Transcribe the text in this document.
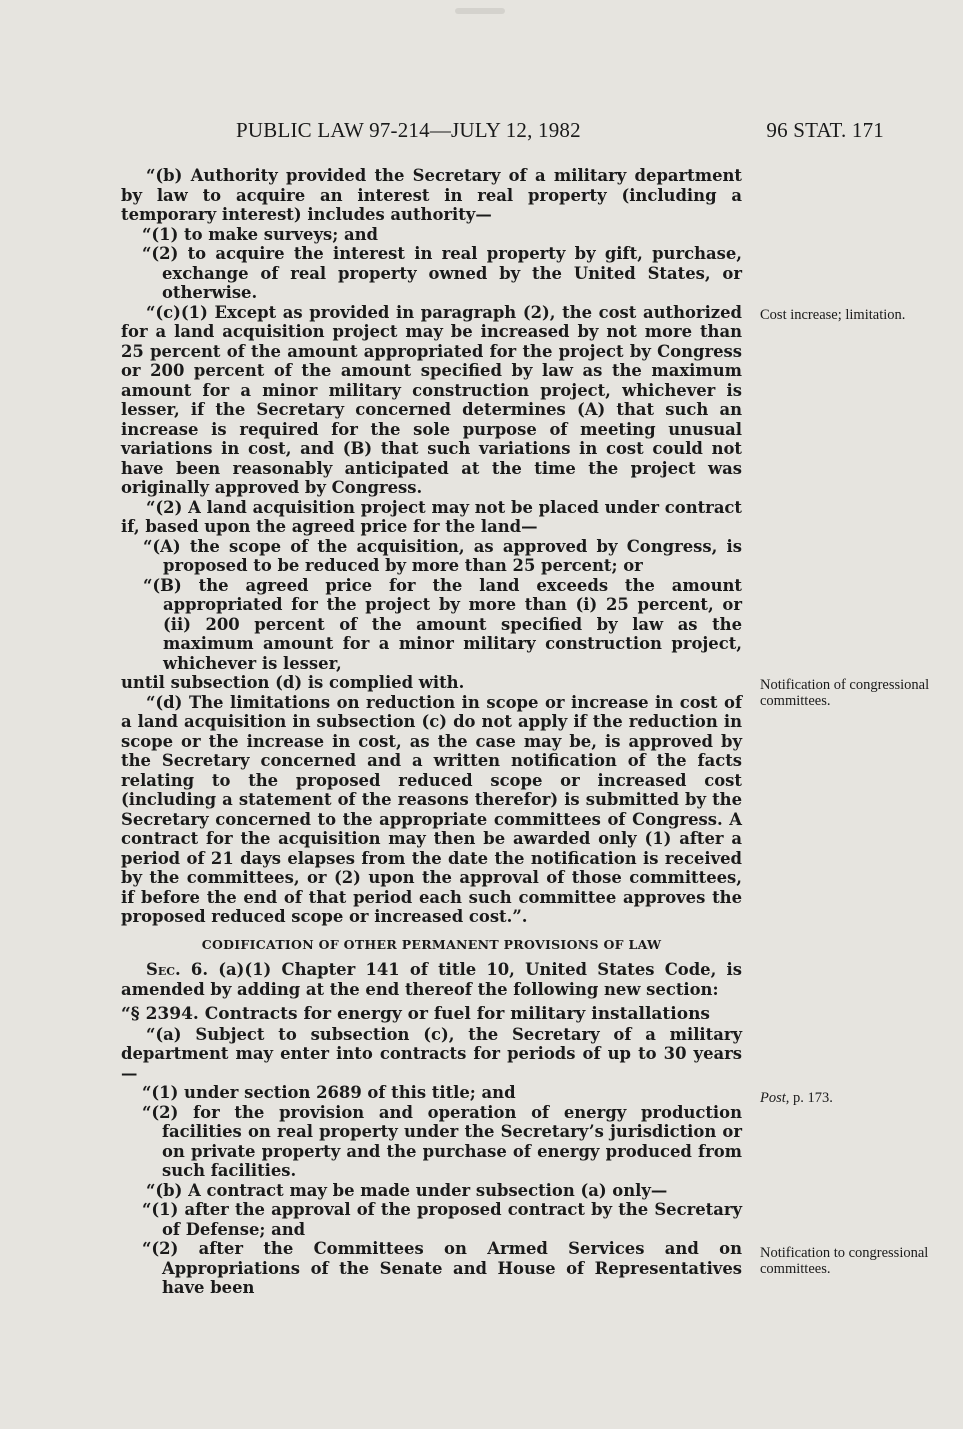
PUBLIC LAW 97-214—JULY 12, 1982	96 STAT. 171

“(b) Authority provided the Secretary of a military department by law to acquire an interest in real property (including a temporary interest) includes authority—

“(1) to make surveys; and

“(2) to acquire the interest in real property by gift, purchase, exchange of real property owned by the United States, or otherwise.

“(c)(1) Except as provided in paragraph (2), the cost authorized for a land acquisition project may be increased by not more than 25 percent of the amount appropriated for the project by Congress or 200 percent of the amount specified by law as the maximum amount for a minor military construction project, whichever is lesser, if the Secretary concerned determines (A) that such an increase is required for the sole purpose of meeting unusual variations in cost, and (B) that such variations in cost could not have been reasonably anticipated at the time the project was originally approved by Congress.

“(2) A land acquisition project may not be placed under contract if, based upon the agreed price for the land—

“(A) the scope of the acquisition, as approved by Congress, is proposed to be reduced by more than 25 percent; or

“(B) the agreed price for the land exceeds the amount appropriated for the project by more than (i) 25 percent, or (ii) 200 percent of the amount specified by law as the maximum amount for a minor military construction project, whichever is lesser,

until subsection (d) is complied with.

“(d) The limitations on reduction in scope or increase in cost of a land acquisition in subsection (c) do not apply if the reduction in scope or the increase in cost, as the case may be, is approved by the Secretary concerned and a written notification of the facts relating to the proposed reduced scope or increased cost (including a statement of the reasons therefor) is submitted by the Secretary concerned to the appropriate committees of Congress. A contract for the acquisition may then be awarded only (1) after a period of 21 days elapses from the date the notification is received by the committees, or (2) upon the approval of those committees, if before the end of that period each such committee approves the proposed reduced scope or increased cost.”.

CODIFICATION OF OTHER PERMANENT PROVISIONS OF LAW

Sec. 6. (a)(1) Chapter 141 of title 10, United States Code, is amended by adding at the end thereof the following new section:

“§ 2394. Contracts for energy or fuel for military installations

“(a) Subject to subsection (c), the Secretary of a military department may enter into contracts for periods of up to 30 years—

“(1) under section 2689 of this title; and

“(2) for the provision and operation of energy production facilities on real property under the Secretary’s jurisdiction or on private property and the purchase of energy produced from such facilities.

“(b) A contract may be made under subsection (a) only—

“(1) after the approval of the proposed contract by the Secretary of Defense; and

“(2) after the Committees on Armed Services and on Appropriations of the Senate and House of Representatives have been

Cost increase; limitation.
Notification of congressional committees.
Post, p. 173.
Notification to congressional committees.
